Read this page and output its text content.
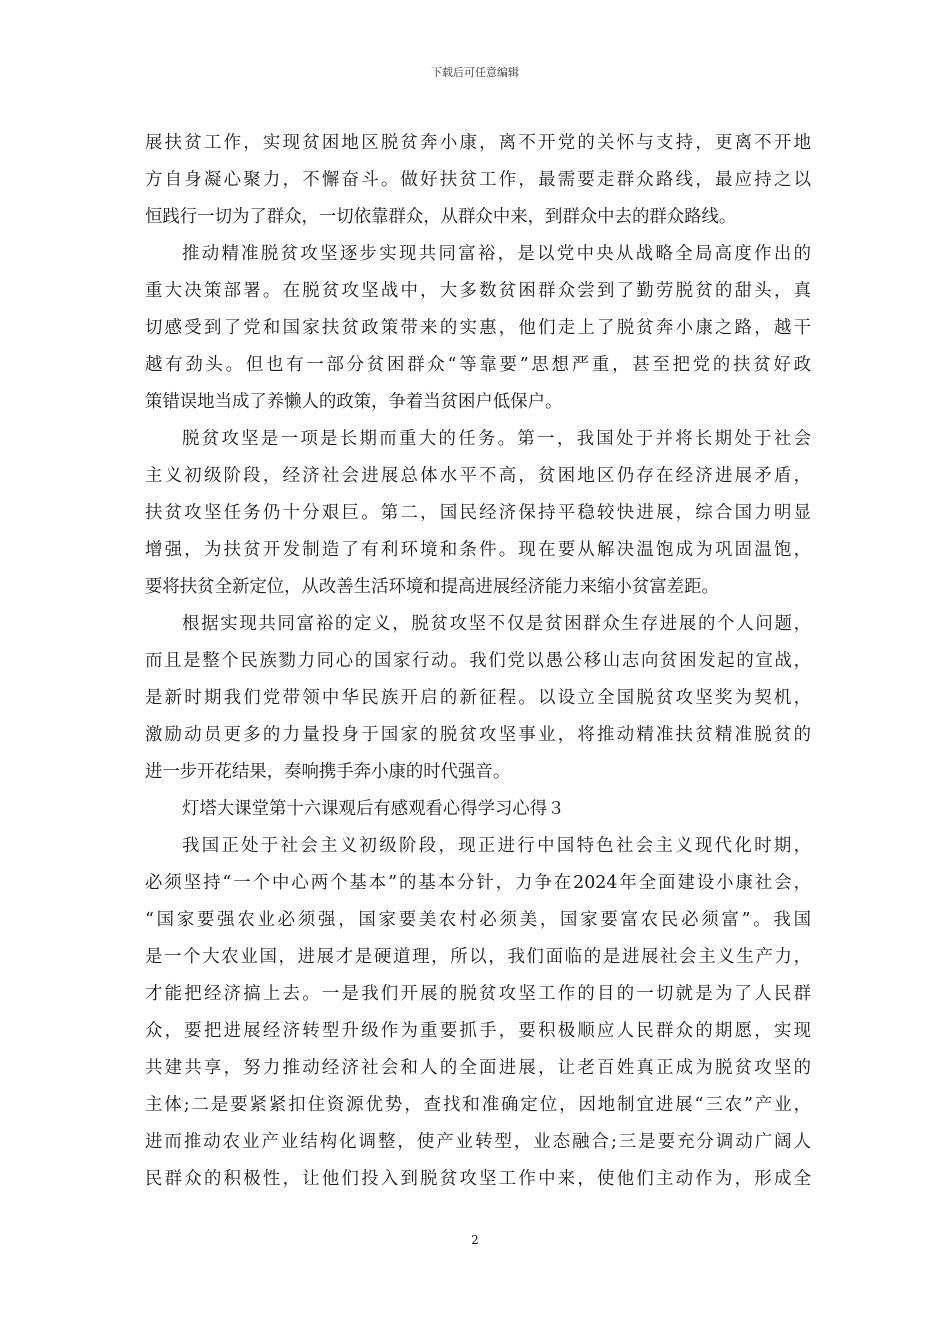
下载后可任意编辑
展扶贫工作，实现贫困地区脱贫奔小康，离不开党的关怀与支持，更离不开地
方自身凝心聚力，不懈奋斗。做好扶贫工作，最需要走群众路线，最应持之以
恒践行一切为了群众，一切依靠群众，从群众中来，到群众中去的群众路线。
推动精准脱贫攻坚逐步实现共同富裕，是以党中央从战略全局高度作出的
重大决策部署。在脱贫攻坚战中，大多数贫困群众尝到了勤劳脱贫的甜头，真
切感受到了党和国家扶贫政策带来的实惠，他们走上了脱贫奔小康之路，越干
越有劲头。但也有一部分贫困群众“等靠要”思想严重，甚至把党的扶贫好政
策错误地当成了养懒人的政策，争着当贫困户低保户。
脱贫攻坚是一项是长期而重大的任务。第一，我国处于并将长期处于社会
主义初级阶段，经济社会进展总体水平不高，贫困地区仍存在经济进展矛盾，
扶贫攻坚任务仍十分艰巨。第二，国民经济保持平稳较快进展，综合国力明显
增强，为扶贫开发制造了有利环境和条件。现在要从解决温饱成为巩固温饱，
要将扶贫全新定位，从改善生活环境和提高进展经济能力来缩小贫富差距。
根据实现共同富裕的定义，脱贫攻坚不仅是贫困群众生存进展的个人问题，
而且是整个民族勠力同心的国家行动。我们党以愚公移山志向贫困发起的宣战，
是新时期我们党带领中华民族开启的新征程。以设立全国脱贫攻坚奖为契机，
激励动员更多的力量投身于国家的脱贫攻坚事业，将推动精准扶贫精准脱贫的
进一步开花结果，奏响携手奔小康的时代强音。
灯塔大课堂第十六课观后有感观看心得学习心得３
我国正处于社会主义初级阶段，现正进行中国特色社会主义现代化时期，
必须坚持“一个中心两个基本”的基本分针，力争在2024年全面建设小康社会，
“国家要强农业必须强，国家要美农村必须美，国家要富农民必须富”。我国
是一个大农业国，进展才是硬道理，所以，我们面临的是进展社会主义生产力，
才能把经济搞上去。一是我们开展的脱贫攻坚工作的目的一切就是为了人民群
众，要把进展经济转型升级作为重要抓手，要积极顺应人民群众的期愿，实现
共建共享，努力推动经济社会和人的全面进展，让老百姓真正成为脱贫攻坚的
主体;二是要紧紧扣住资源优势，查找和准确定位，因地制宜进展“三农”产业，
进而推动农业产业结构化调整，使产业转型，业态融合;三是要充分调动广阔人
民群众的积极性，让他们投入到脱贫攻坚工作中来，使他们主动作为，形成全
2
